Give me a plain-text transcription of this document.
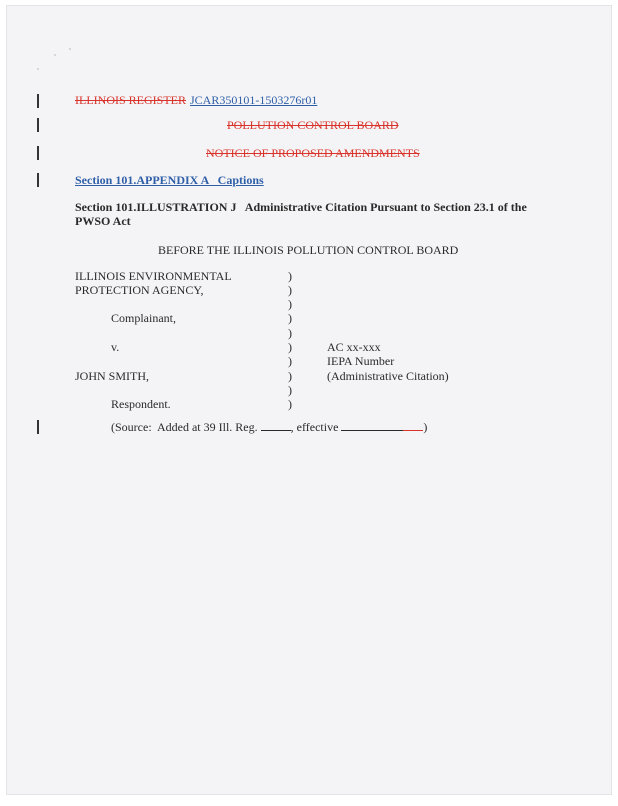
ILLINOIS REGISTER JCAR350101-1503276r01
POLLUTION CONTROL BOARD
NOTICE OF PROPOSED AMENDMENTS
Section 101.APPENDIX A   Captions
Section 101.ILLUSTRATION J   Administrative Citation Pursuant to Section 23.1 of the PWSO Act
BEFORE THE ILLINOIS POLLUTION CONTROL BOARD
ILLINOIS ENVIRONMENTAL
PROTECTION AGENCY,
Complainant,
v.
JOHN SMITH,
Respondent.
)
)
)
)
)
)
)
)
)
)
AC xx-xxx
IEPA Number
(Administrative Citation)
(Source:  Added at 39 Ill. Reg.	, effective	)
